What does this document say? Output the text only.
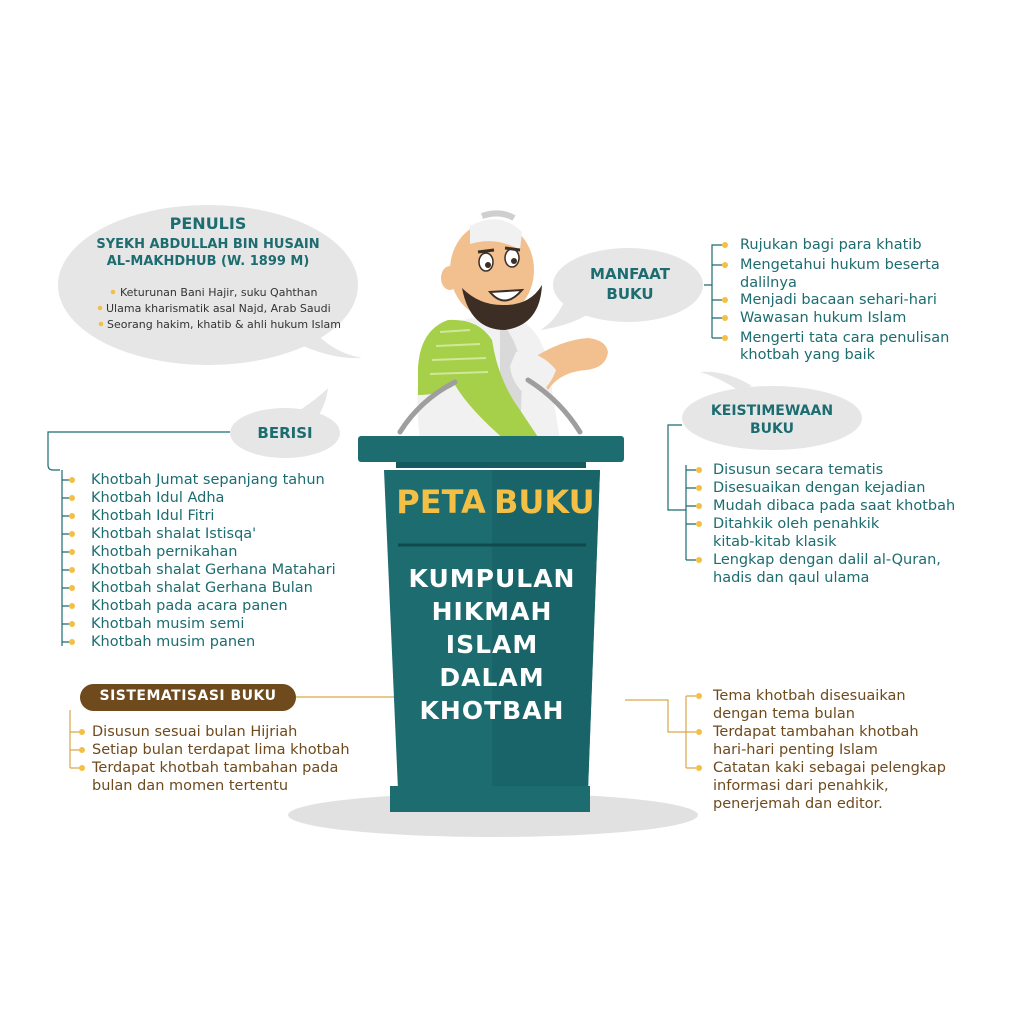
PENULIS
SYEKH ABDULLAH BIN HUSAIN
AL-MAKHDHUB (W. 1899 M)
Keturunan Bani Hajir, suku Qahthan
Ulama kharismatik asal Najd, Arab Saudi
Seorang hakim, khatib & ahli hukum Islam
MANFAAT
BUKU
Rujukan bagi para khatib
Mengetahui hukum beserta
dalilnya
Menjadi bacaan sehari-hari
Wawasan hukum Islam
Mengerti tata cara penulisan
khotbah yang baik
BERISI
Khotbah Jumat sepanjang tahun
Khotbah Idul Adha
Khotbah Idul Fitri
Khotbah shalat Istisqa'
Khotbah pernikahan
Khotbah shalat Gerhana Matahari
Khotbah shalat Gerhana Bulan
Khotbah pada acara panen
Khotbah musim semi
Khotbah musim panen
KEISTIMEWAAN
BUKU
Disusun secara tematis
Disesuaikan dengan kejadian
Mudah dibaca pada saat khotbah
Ditahkik oleh penahkik
kitab-kitab klasik
Lengkap dengan dalil al-Quran,
hadis dan qaul ulama
SISTEMATISASI BUKU
Disusun sesuai bulan Hijriah
Setiap bulan terdapat lima khotbah
Terdapat khotbah tambahan pada
bulan dan momen tertentu
Tema khotbah disesuaikan
dengan tema bulan
Terdapat tambahan khotbah
hari-hari penting Islam
Catatan kaki sebagai pelengkap
informasi dari penahkik,
penerjemah dan editor.
PETA BUKU
KUMPULAN
HIKMAH
ISLAM
DALAM
KHOTBAH
